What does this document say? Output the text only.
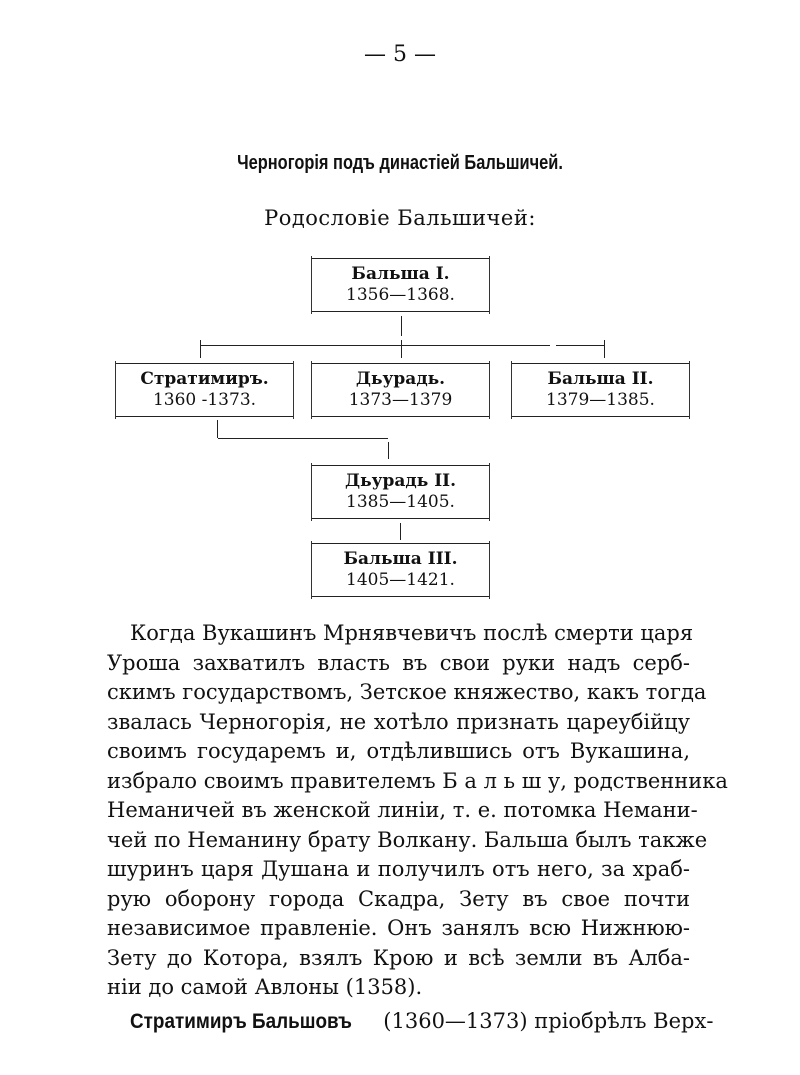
— 5 —
Черногорія подъ династіей Бальшичей.
Родословіе Бальшичей:
Бальша I.
1356—1368.
Стратимиръ.
1360 -1373.
Дьурадь.
1373—1379
Бальша II.
1379—1385.
Дьурадь II.
1385—1405.
Бальша III.
1405—1421.
Когда Вукашинъ Мрнявчевичъ послѣ смерти царя
Урошa захватилъ власть въ свои руки надъ серб-
скимъ государствомъ, Зетское княжество, какъ тогда
звалась Черногорія, не хотѣло признать цареубійцу
своимъ государемъ и, отдѣлившись отъ Вукашина,
избрало своимъ правителемъ Б а л ь ш у, родственника
Неманичей въ женской линіи, т. е. потомка Немани-
чей по Неманину брату Волкану. Бальша былъ также
шуринъ царя Душана и получилъ отъ него, за храб-
рую оборону города Скадра, Зету въ свое почти
независимое правленіе. Онъ занялъ всю Нижнюю-
Зету до Котора, взялъ Крою и всѣ земли въ Алба-
ніи до самой Авлоны (1358).
Стратимиръ Бальшовъ (1360—1373) пріобрѣлъ Верх-
